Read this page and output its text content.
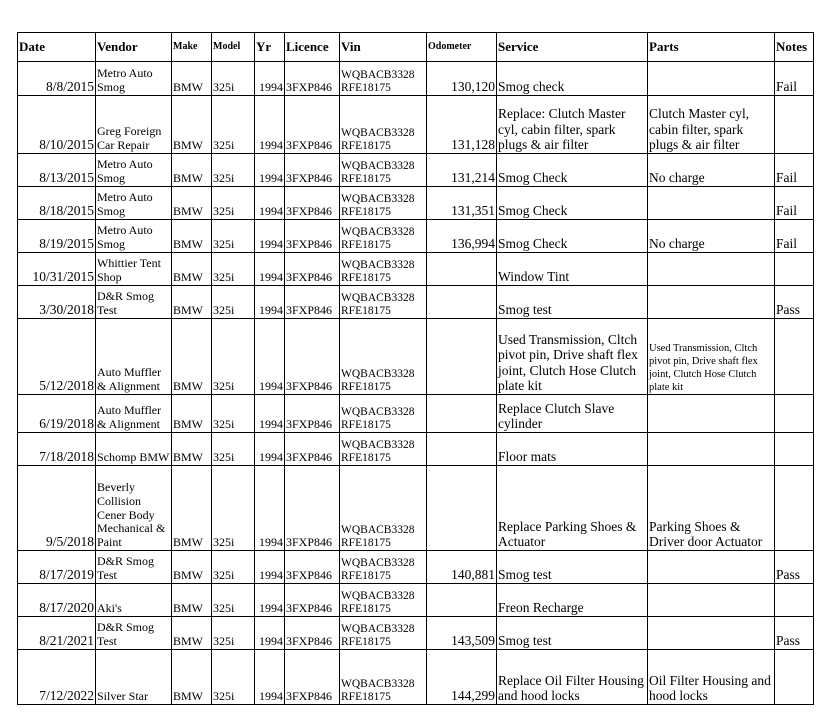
Date	Vendor	Make	Model	Yr	Licence	Vin	Odometer	Service	Parts	Notes
8/8/2015	Metro Auto Smog	BMW	325i	1994	3FXP846	WQBACB3328 RFE18175	130,120	Smog check		Fail
8/10/2015	Greg Foreign Car Repair	BMW	325i	1994	3FXP846	WQBACB3328 RFE18175	131,128	Replace: Clutch Master cyl, cabin filter, spark plugs & air filter	Clutch Master cyl, cabin filter, spark plugs & air filter	
8/13/2015	Metro Auto Smog	BMW	325i	1994	3FXP846	WQBACB3328 RFE18175	131,214	Smog Check	No charge	Fail
8/18/2015	Metro Auto Smog	BMW	325i	1994	3FXP846	WQBACB3328 RFE18175	131,351	Smog Check		Fail
8/19/2015	Metro Auto Smog	BMW	325i	1994	3FXP846	WQBACB3328 RFE18175	136,994	Smog Check	No charge	Fail
10/31/2015	Whittier Tent Shop	BMW	325i	1994	3FXP846	WQBACB3328 RFE18175		Window Tint		
3/30/2018	D&R Smog Test	BMW	325i	1994	3FXP846	WQBACB3328 RFE18175		Smog test		Pass
5/12/2018	Auto Muffler & Alignment	BMW	325i	1994	3FXP846	WQBACB3328 RFE18175		Used Transmission, Cltch pivot pin, Drive shaft flex joint, Clutch Hose Clutch plate kit	Used Transmission, Cltch pivot pin, Drive shaft flex joint, Clutch Hose Clutch plate kit	
6/19/2018	Auto Muffler & Alignment	BMW	325i	1994	3FXP846	WQBACB3328 RFE18175		Replace Clutch Slave cylinder		
7/18/2018	Schomp BMW	BMW	325i	1994	3FXP846	WQBACB3328 RFE18175		Floor mats		
9/5/2018	Beverly Collision Cener Body Mechanical & Paint	BMW	325i	1994	3FXP846	WQBACB3328 RFE18175		Replace Parking Shoes & Actuator	Parking Shoes & Driver door Actuator	
8/17/2019	D&R Smog Test	BMW	325i	1994	3FXP846	WQBACB3328 RFE18175	140,881	Smog test		Pass
8/17/2020	Aki's	BMW	325i	1994	3FXP846	WQBACB3328 RFE18175		Freon Recharge		
8/21/2021	D&R Smog Test	BMW	325i	1994	3FXP846	WQBACB3328 RFE18175	143,509	Smog test		Pass
7/12/2022	Silver Star	BMW	325i	1994	3FXP846	WQBACB3328 RFE18175	144,299	Replace Oil Filter Housing and hood locks	Oil Filter Housing and hood locks	
